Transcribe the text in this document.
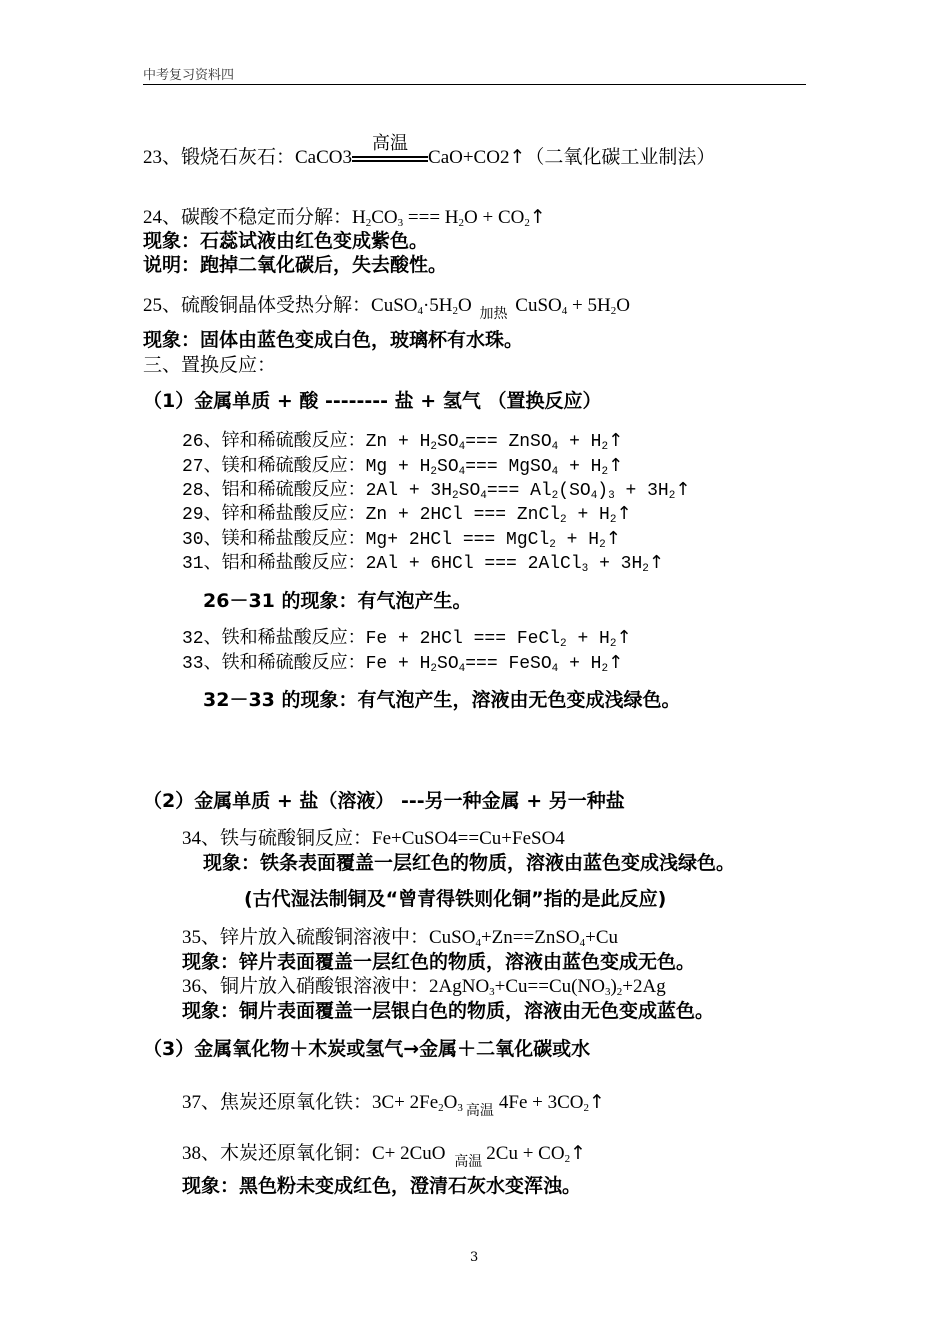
中考复习资料四
23、锻烧石灰石：CaCO3
高温
CaO+CO2↑（二氧化碳工业制法）
24、碳酸不稳定而分解：$H_2CO_3$ === $H_2O$ + $CO_2↑$
现象：石蕊试液由红色变成紫色。
说明：跑掉二氧化碳后，失去酸性。
25、硫酸铜晶体受热分解：$CuSO_4\cdot 5H_2O$ 加热 CuSO$_4$ + $5H_2O$
现象：固体由蓝色变成白色，玻璃杯有水珠。
三、置换反应：
（1）金属单质 + 酸 -------- 盐 + 氢气 （置换反应）
26、锌和稀硫酸反应：$Zn + H_2SO_4===$ ZnSO$_4$ + $H_2↑$
27、镁和稀硫酸反应：$Mg + H_2SO_4===$ MgSO$_4$ + $H_2↑$
28、铝和稀硫酸反应：$2Al + 3H_2SO_4=== Al_2(SO_4)_3$ + $3H_2↑$
29、锌和稀盐酸反应：Zn + 2HCl === ZnCl$_2$ + $H_2↑$
30、镁和稀盐酸反应：Mg+ 2HCl === MgCl$_2$ + $H_2↑$
31、铝和稀盐酸反应：2Al + 6HCl === 2AlCl$_3$ + $3H_2↑$
26－31 的现象：有气泡产生。
32、铁和稀盐酸反应：Fe + 2HCl === FeCl$_2$ + $H_2↑$
33、铁和稀硫酸反应：$Fe + H_2SO_4===$ FeSO$_4$ + $H_2↑$
32－33 的现象：有气泡产生，溶液由无色变成浅绿色。
（2）金属单质 + 盐（溶液） ---另一种金属 + 另一种盐
34、铁与硫酸铜反应：Fe+CuSO4==Cu+FeSO4
现象：铁条表面覆盖一层红色的物质，溶液由蓝色变成浅绿色。
(古代湿法制铜及“曾青得铁则化铜”指的是此反应)
35、锌片放入硫酸铜溶液中：CuSO$_4$+Zn==ZnSO$_4$+Cu
现象：锌片表面覆盖一层红色的物质，溶液由蓝色变成无色。
36、铜片放入硝酸银溶液中：$2AgNO_3+Cu==Cu(NO_3)_2+2Ag$
现象：铜片表面覆盖一层银白色的物质，溶液由无色变成蓝色。
（3）金属氧化物＋木炭或氢气→金属＋二氧化碳或水
37、焦炭还原氧化铁：$3C+ 2Fe_2O_3$ 高温 $4Fe + 3CO_2↑$
38、木炭还原氧化铜：C+ 2CuO 高温 $2Cu + CO_2↑$
现象：黑色粉未变成红色，澄清石灰水变浑浊。
3
